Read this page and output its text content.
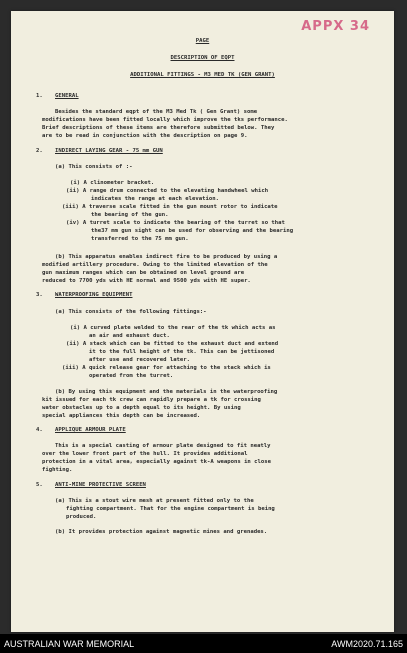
APPX 34
PAGE
DESCRIPTION OF EQPT
ADDITIONAL FITTINGS - M3 MED TK (GEN GRANT)
1. GENERAL
Besides the standard eqpt of the M3 Med Tk ( Gen Grant) some
modifications have been fitted locally which improve the tks performance.
Brief descriptions of these items are therefore submitted below. They
are to be read in conjunction with the description on page 9.
2. INDIRECT LAYING GEAR - 75 mm GUN
(a) This consists of :-
(i) A clinometer bracket.
(ii) A range drum connected to the elevating handwheel which
indicates the range at each elevation.
(iii) A traverse scale fitted in the gun mount rotor to indicate
the bearing of the gun.
(iv) A turret scale to indicate the bearing of the turret so that
the37 mm gun sight can be used for observing and the bearing
transferred to the 75 mm gun.
(b) This apparatus enables indirect fire to be produced by using a
modified artillery procedure. Owing to the limited elevation of the
gun maximum ranges which can be obtained on level ground are
reduced to 7700 yds with HE normal and 9500 yds with HE super.
3. WATERPROOFING EQUIPMENT
(a) This consists of the following fittings:-
(i) A curved plate welded to the rear of the tk which acts as
an air and exhaust duct.
(ii) A stack which can be fitted to the exhaust duct and extend
it to the full height of the tk. This can be jettisoned
after use and recovered later.
(iii) A quick release gear for attaching to the stack which is
operated from the turret.
(b) By using this equipment and the materials in the waterproofing
kit issued for each tk crew can rapidly prepare a tk for crossing
water obstacles up to a depth equal to its height. By using
special appliances this depth can be increased.
4. APPLIQUE ARMOUR PLATE
This is a special casting of armour plate designed to fit neatly
over the lower front part of the hull. It provides additional
protection in a vital area, especially against tk-A weapons in close
fighting.
5. ANTI-MINE PROTECTIVE SCREEN
(a) This is a stout wire mesh at present fitted only to the
fighting compartment. That for the engine compartment is being
produced.
(b) It provides protection against magnetic mines and grenades.
AUSTRALIAN WAR MEMORIAL	AWM2020.71.165
